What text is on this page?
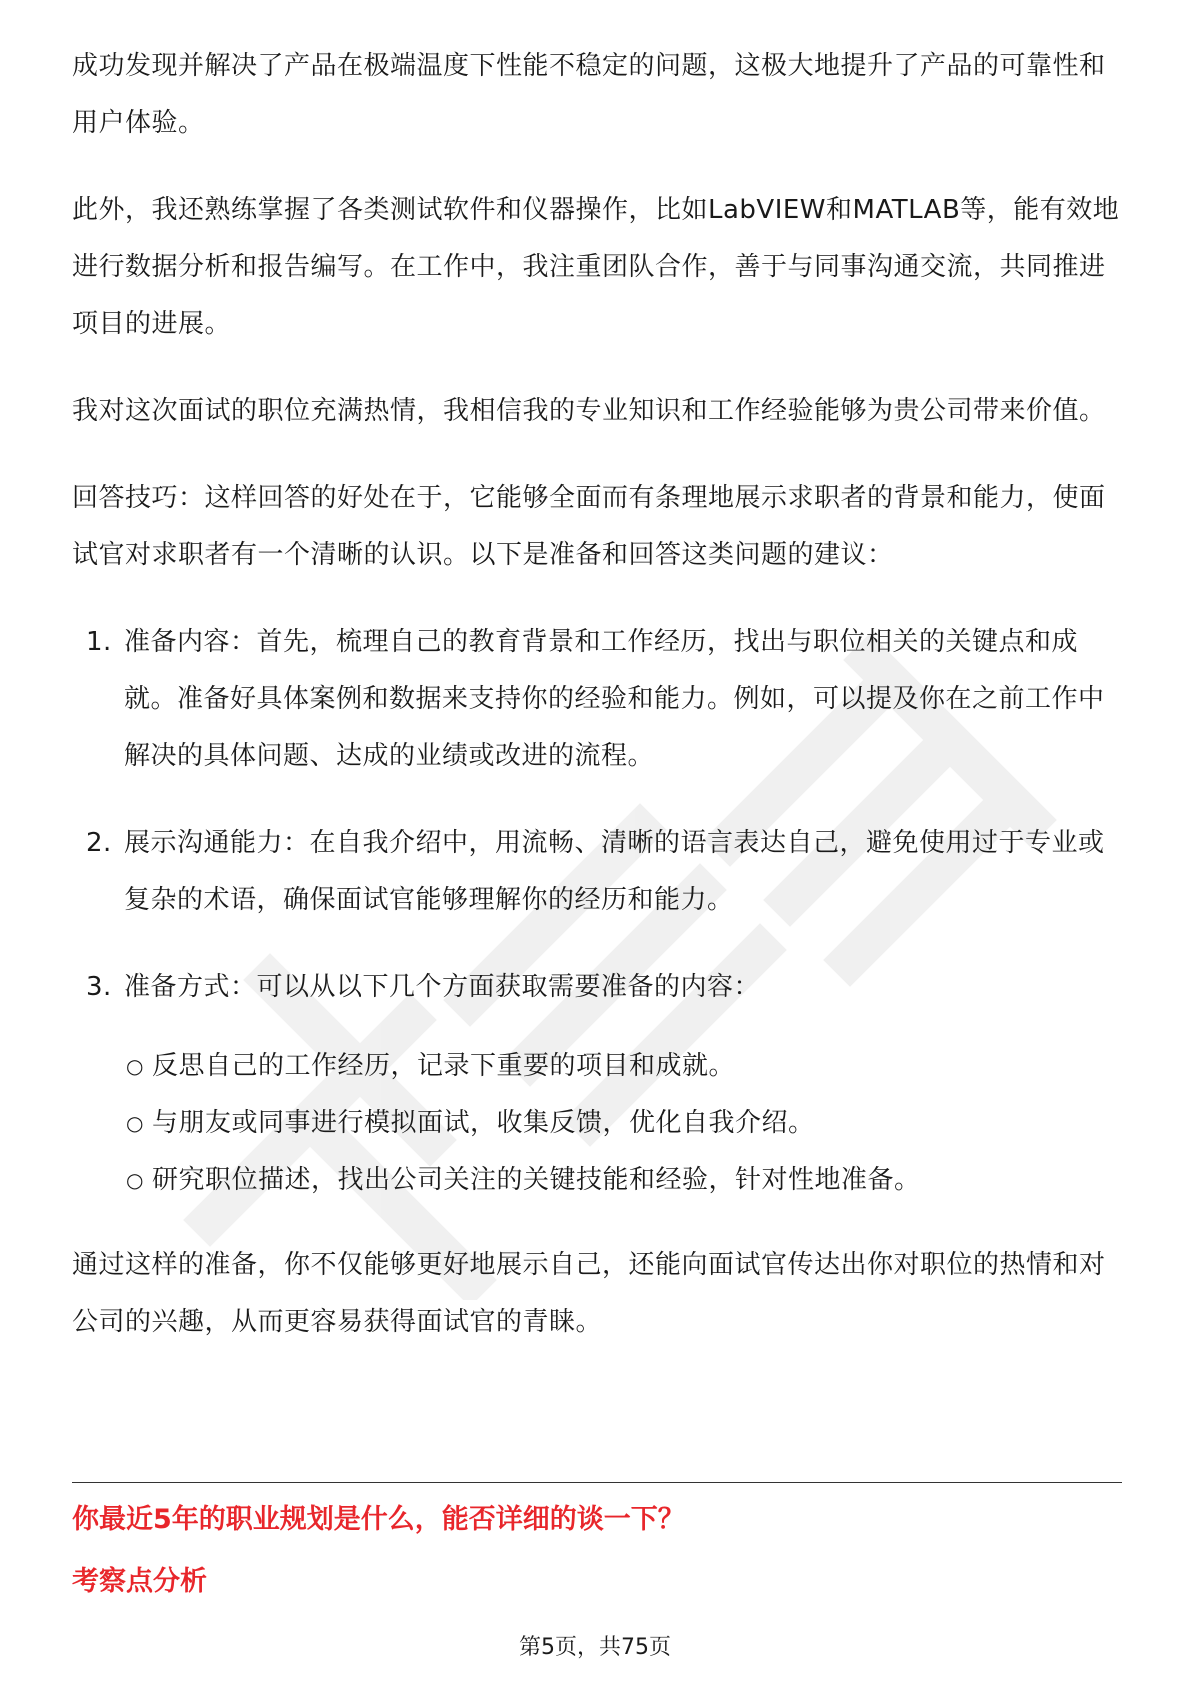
成功发现并解决了产品在极端温度下性能不稳定的问题，这极大地提升了产品的可靠性和用户体验。

此外，我还熟练掌握了各类测试软件和仪器操作，比如LabVIEW和MATLAB等，能有效地进行数据分析和报告编写。在工作中，我注重团队合作，善于与同事沟通交流，共同推进项目的进展。

我对这次面试的职位充满热情，我相信我的专业知识和工作经验能够为贵公司带来价值。

回答技巧：这样回答的好处在于，它能够全面而有条理地展示求职者的背景和能力，使面试官对求职者有一个清晰的认识。以下是准备和回答这类问题的建议：

1. 准备内容：首先，梳理自己的教育背景和工作经历，找出与职位相关的关键点和成就。准备好具体案例和数据来支持你的经验和能力。例如，可以提及你在之前工作中解决的具体问题、达成的业绩或改进的流程。
2. 展示沟通能力：在自我介绍中，用流畅、清晰的语言表达自己，避免使用过于专业或复杂的术语，确保面试官能够理解你的经历和能力。
3. 准备方式：可以从以下几个方面获取需要准备的内容：
○ 反思自己的工作经历，记录下重要的项目和成就。
○ 与朋友或同事进行模拟面试，收集反馈，优化自我介绍。
○ 研究职位描述，找出公司关注的关键技能和经验，针对性地准备。

通过这样的准备，你不仅能够更好地展示自己，还能向面试官传达出你对职位的热情和对公司的兴趣，从而更容易获得面试官的青睐。

你最近5年的职业规划是什么，能否详细的谈一下？
考察点分析
第5页，共75页
